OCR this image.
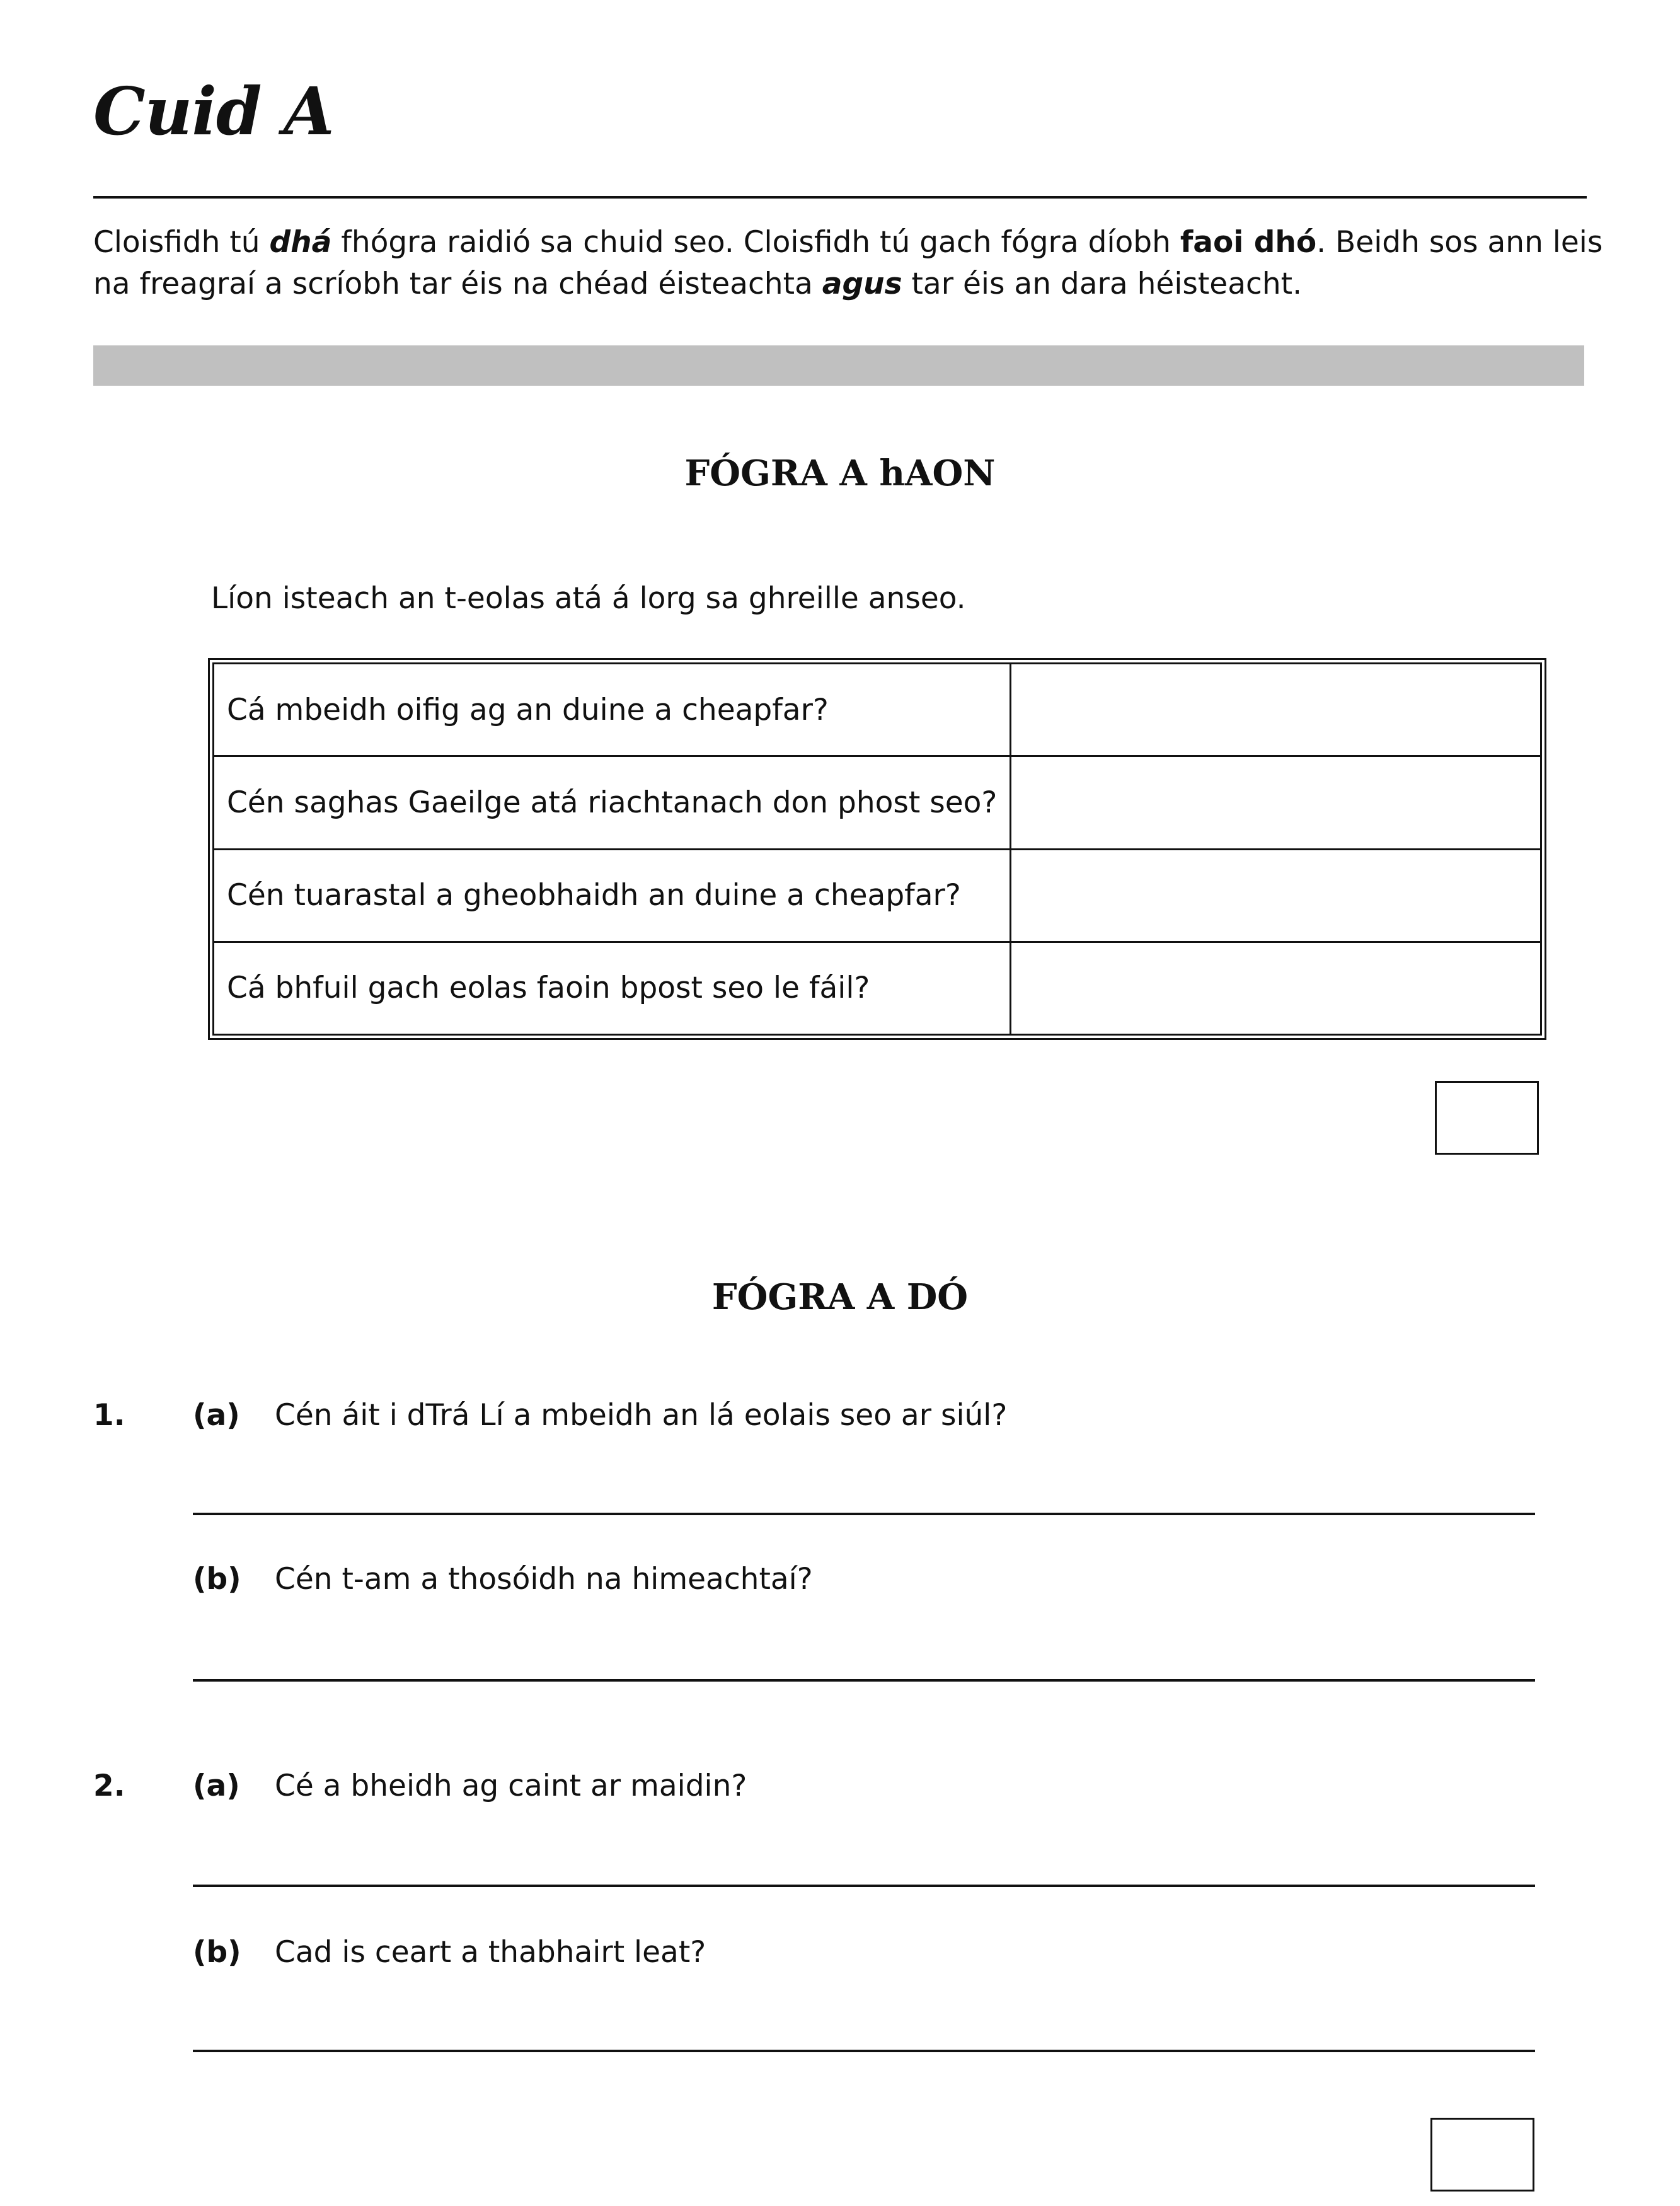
Cuid A
Cloisfidh tú dhá fhógra raidió sa chuid seo. Cloisfidh tú gach fógra díobh faoi dhó. Beidh sos ann leis
na freagraí a scríobh tar éis na chéad éisteachta agus tar éis an dara héisteacht.
FÓGRA A hAON
Líon isteach an t-eolas atá á lorg sa ghreille anseo.
Cá mbeidh oifig ag an duine a cheapfar?	
Cén saghas Gaeilge atá riachtanach don phost seo?	
Cén tuarastal a gheobhaidh an duine a cheapfar?	
Cá bhfuil gach eolas faoin bpost seo le fáil?	
FÓGRA A DÓ
1. (a) Cén áit i dTrá Lí a mbeidh an lá eolais seo ar siúl?
(b) Cén t-am a thosóidh na himeachtaí?
2. (a) Cé a bheidh ag caint ar maidin?
(b) Cad is ceart a thabhairt leat?
